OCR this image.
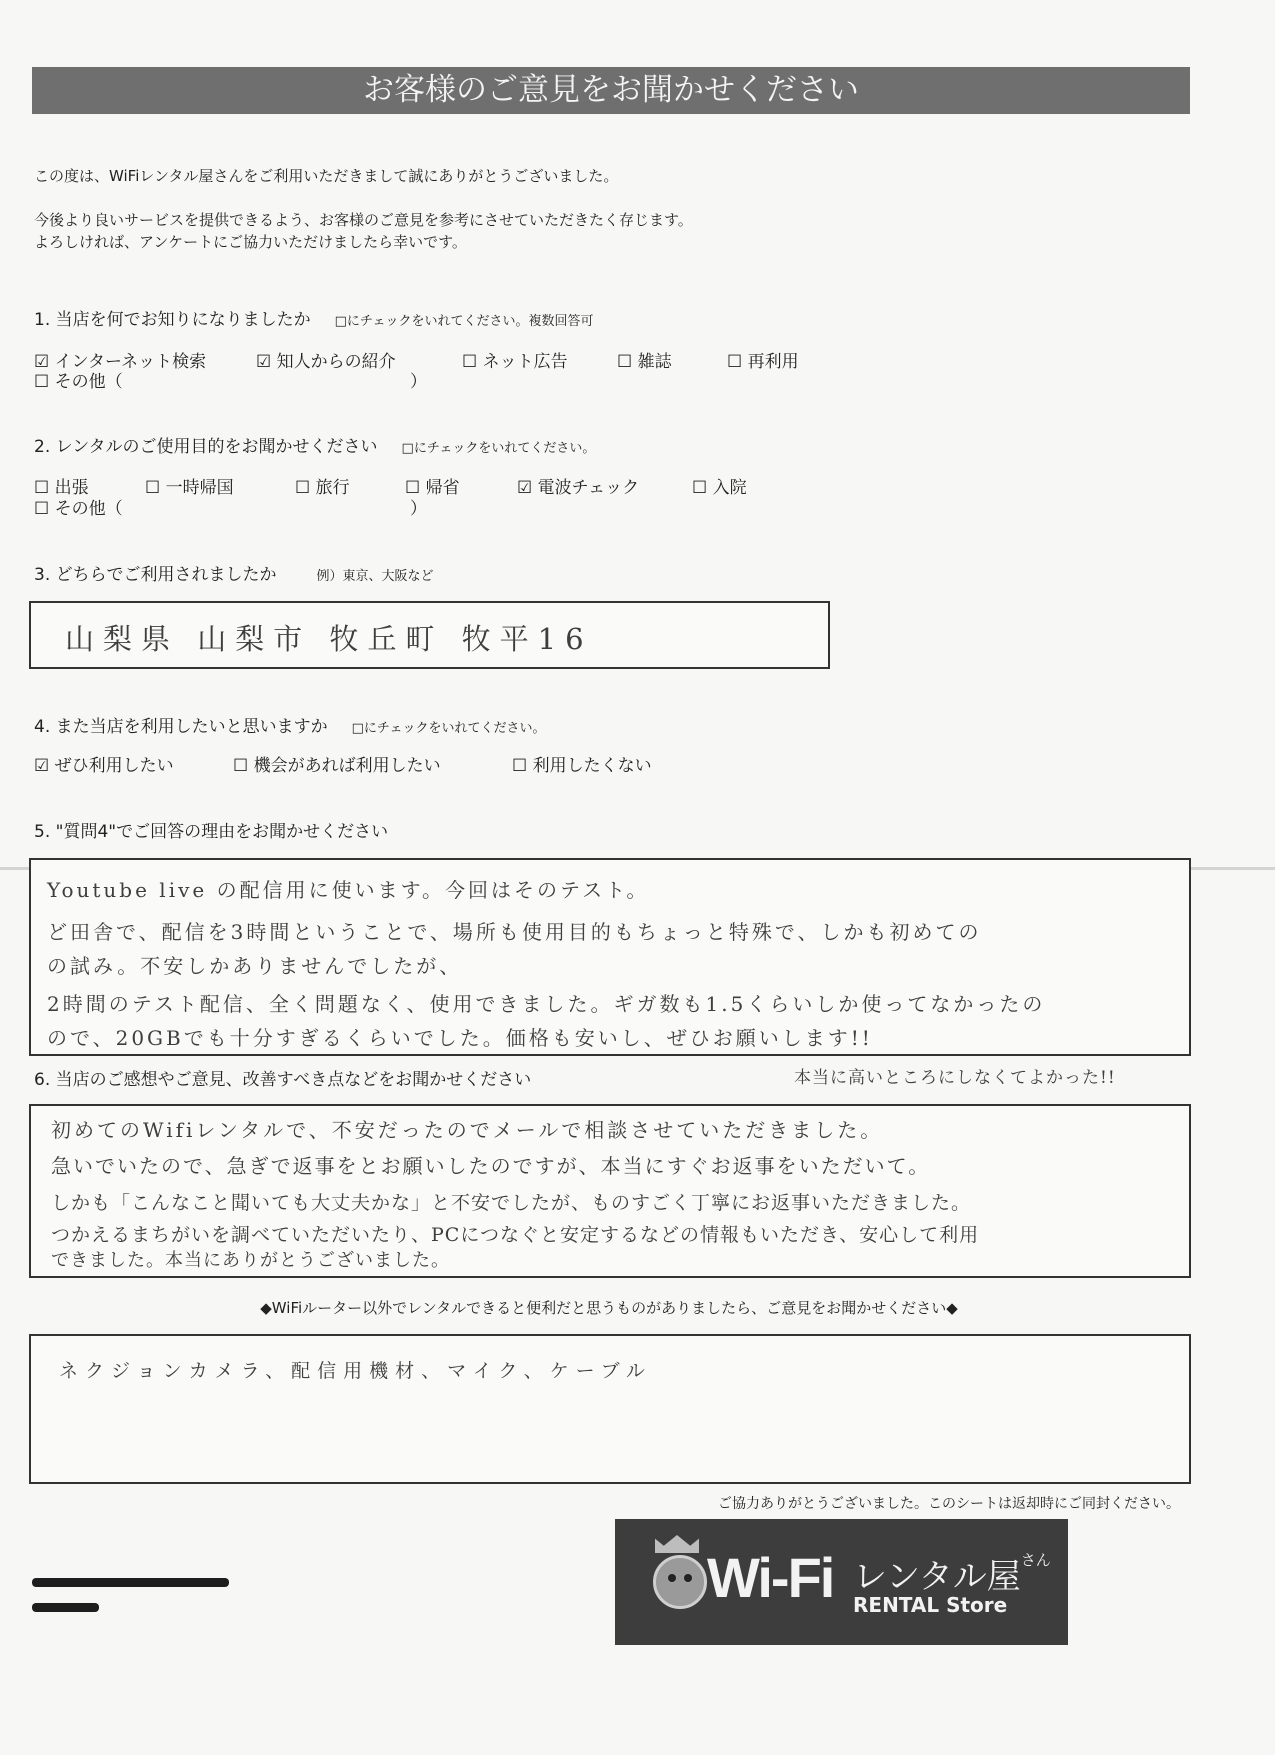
お客様のご意見をお聞かせください
この度は、WiFiレンタル屋さんをご利用いただきまして誠にありがとうございました。
今後より良いサービスを提供できるよう、お客様のご意見を参考にさせていただきたく存じます。
よろしければ、アンケートにご協力いただけましたら幸いです。
1. 当店を何でお知りになりましたか □にチェックをいれてください。複数回答可
☑ インターネット検索	☑ 知人からの紹介	☐ ネット広告	☐ 雑誌	☐ 再利用
☐ その他（	）
2. レンタルのご使用目的をお聞かせください □にチェックをいれてください。
☐ 出張	☐ 一時帰国	☐ 旅行	☐ 帰省	☑ 電波チェック	☐ 入院
☐ その他（	）
3. どちらでご利用されましたか	例）東京、大阪など
山梨県 山梨市 牧丘町 牧平16
4. また当店を利用したいと思いますか □にチェックをいれてください。
☑ ぜひ利用したい	☐ 機会があれば利用したい	☐ 利用したくない
5. "質問4"でご回答の理由をお聞かせください
Youtube live の配信用に使います。今回はそのテスト。
ど田舎で、配信を3時間ということで、場所も使用目的もちょっと特殊で、しかも初めての
の試み。不安しかありませんでしたが、
2時間のテスト配信、全く問題なく、使用できました。ギガ数も1.5くらいしか使ってなかったの
ので、20GBでも十分すぎるくらいでした。価格も安いし、ぜひお願いします!!
6. 当店のご感想やご意見、改善すべき点などをお聞かせください	本当に高いところにしなくてよかった!!
初めてのWifiレンタルで、不安だったのでメールで相談させていただきました。
急いでいたので、急ぎで返事をとお願いしたのですが、本当にすぐお返事をいただいて。
しかも「こんなこと聞いても大丈夫かな」と不安でしたが、ものすごく丁寧にお返事いただきました。
つかえるまちがいを調べていただいたり、PCにつなぐと安定するなどの情報もいただき、安心して利用
できました。本当にありがとうございました。
◆WiFiルーター以外でレンタルできると便利だと思うものがありましたら、ご意見をお聞かせください◆
ネクジョンカメラ、配信用機材、マイク、ケーブル
ご協力ありがとうございました。このシートは返却時にご同封ください。
Wi-Fi レンタル屋$^{さん}$
RENTAL Store
